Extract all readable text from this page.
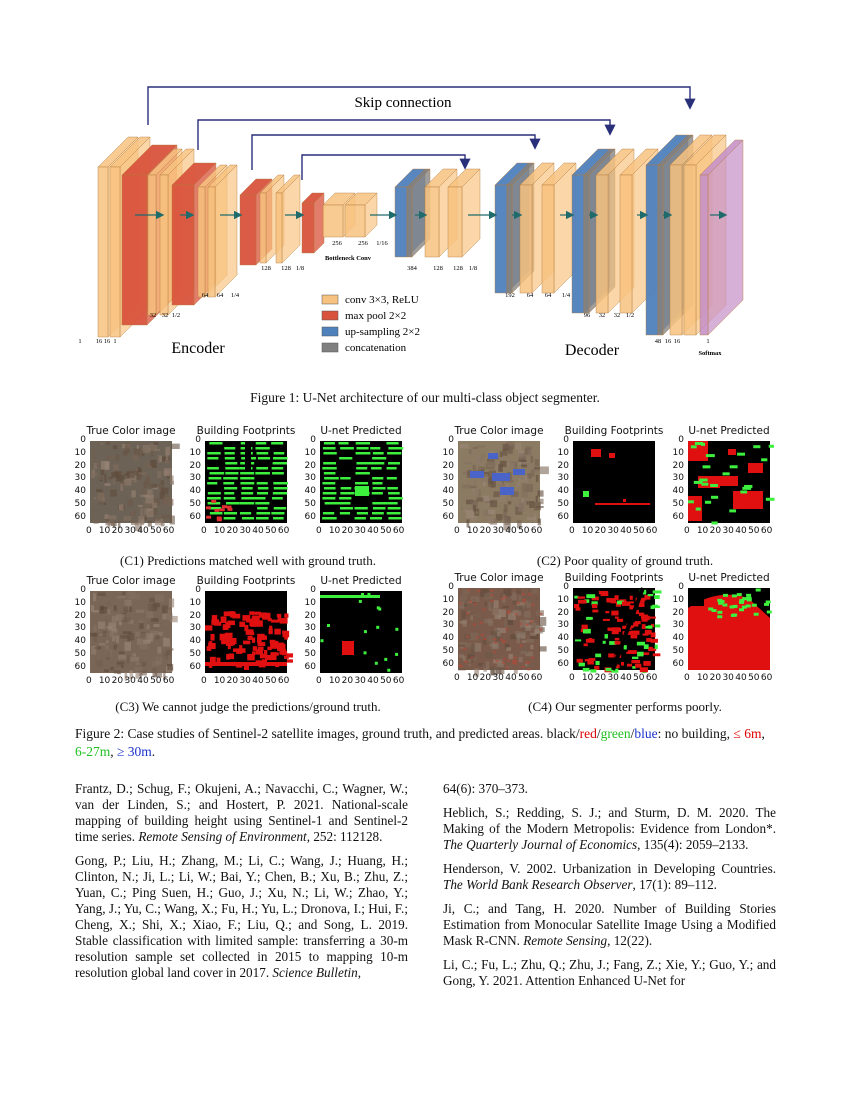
16 16 1
32 32 1/2
64 64 1/4
128 128 1/8
256	256 1/16
384	128 128 1/8
192 64 64 1/4
96 32 32 1/2
48 16 16
1	1
Skip connection
Encoder	Decoder
Bottleneck Conv
Softmax
conv 3×3, ReLU
max pool 2×2
up-sampling 2×2
concatenation
Figure 1: U-Net architecture of our multi-class object segmenter.
True Color image
0
10
20
30
40
50
60
0 10 20 30 40 50 60
Building Footprints
0
10
20
30
40
50
60
0 10 20 30 40 50 60
U-net Predicted
0
10
20
30
40
50
60
0 10 20 30 40 50 60
True Color image
0
10
20
30
40
50
60
0 10 20 30 40 50 60
Building Footprints
0
10
20
30
40
50
60
0 10 20 30 40 50 60
U-net Predicted
0
10
20
30
40
50
60
0 10 20 30 40 50 60
True Color image
0
10
20
30
40
50
60
0 10 20 30 40 50 60
Building Footprints
0
10
20
30
40
50
60
0 10 20 30 40 50 60
U-net Predicted
0
10
20
30
40
50
60
0 10 20 30 40 50 60
True Color image
0
10
20
30
40
50
60
0 10 20 30 40 50 60
Building Footprints
0
10
20
30
40
50
60
0 10 20 30 40 50 60
U-net Predicted
0
10
20
30
40
50
60
0 10 20 30 40 50 60
(C1) Predictions matched well with ground truth.	(C2) Poor quality of ground truth.
(C3) We cannot judge the predictions/ground truth.	(C4) Our segmenter performs poorly.
Figure 2: Case studies of Sentinel-2 satellite images, ground truth, and predicted areas. black/red/green/blue: no building, ≤ 6m, 6-27m, ≥ 30m.

Frantz, D.; Schug, F.; Okujeni, A.; Navacchi, C.; Wagner, W.; van der Linden, S.; and Hostert, P. 2021. National-scale mapping of building height using Sentinel-1 and Sentinel-2 time series. Remote Sensing of Environment, 252: 112128.

Gong, P.; Liu, H.; Zhang, M.; Li, C.; Wang, J.; Huang, H.; Clinton, N.; Ji, L.; Li, W.; Bai, Y.; Chen, B.; Xu, B.; Zhu, Z.; Yuan, C.; Ping Suen, H.; Guo, J.; Xu, N.; Li, W.; Zhao, Y.; Yang, J.; Yu, C.; Wang, X.; Fu, H.; Yu, L.; Dronova, I.; Hui, F.; Cheng, X.; Shi, X.; Xiao, F.; Liu, Q.; and Song, L. 2019. Stable classification with limited sample: transferring a 30-m resolution sample set collected in 2015 to mapping 10-m resolution global land cover in 2017. Science Bulletin,

64(6): 370–373.

Heblich, S.; Redding, S. J.; and Sturm, D. M. 2020. The Making of the Modern Metropolis: Evidence from London*. The Quarterly Journal of Economics, 135(4): 2059–2133.

Henderson, V. 2002. Urbanization in Developing Countries. The World Bank Research Observer, 17(1): 89–112.

Ji, C.; and Tang, H. 2020. Number of Building Stories Estimation from Monocular Satellite Image Using a Modified Mask R-CNN. Remote Sensing, 12(22).

Li, C.; Fu, L.; Zhu, Q.; Zhu, J.; Fang, Z.; Xie, Y.; Guo, Y.; and Gong, Y. 2021. Attention Enhanced U-Net for
